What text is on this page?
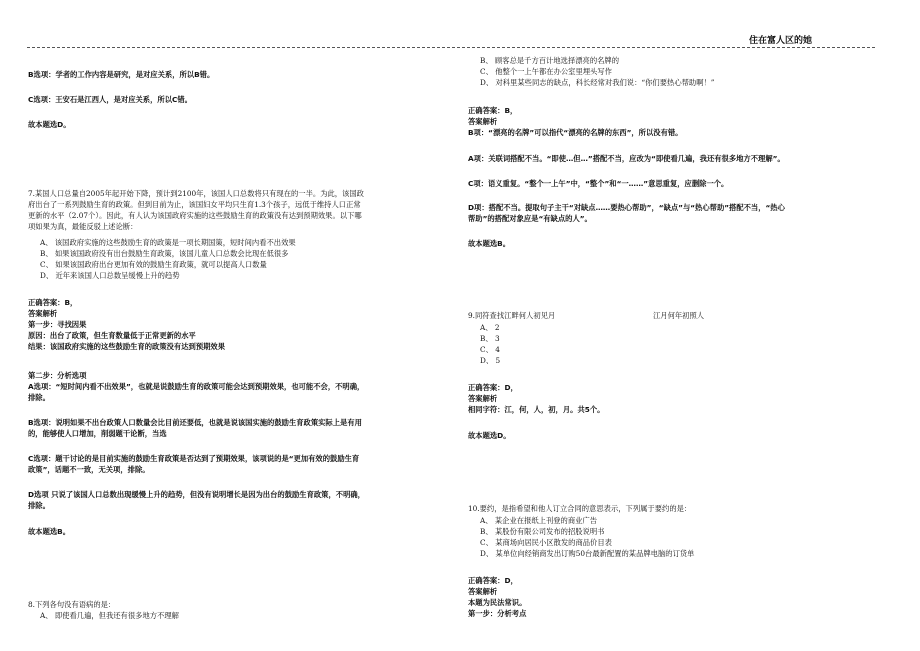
住在富人区的她
B选项：学者的工作内容是研究，是对应关系，所以B错。
C选项：王安石是江西人，是对应关系，所以C错。
故本题选D。
7.某国人口总量自2005年起开始下降，预计到2100年，该国人口总数将只有现在的一半。为此，该国政
府出台了一系列鼓励生育的政策。但到目前为止，该国妇女平均只生育1.3个孩子，远低于维持人口正常
更新的水平（2.07个）。因此，有人认为该国政府实施的这些鼓励生育的政策没有达到预期效果。以下哪
项如果为真，最能反驳上述论断：
A、 该国政府实施的这些鼓励生育的政策是一项长期国策，短时间内看不出效果
B、 如果该国政府没有出台鼓励生育政策，该国儿童人口总数会比现在低很多
C、 如果该国政府出台更加有效的鼓励生育政策，就可以提高人口数量
D、 近年来该国人口总数呈缓慢上升的趋势
正确答案：B，
答案解析
第一步：寻找因果
原因：出台了政策，但生育数量低于正常更新的水平
结果：该国政府实施的这些鼓励生育的政策没有达到预期效果
第二步：分析选项
A选项：“短时间内看不出效果”，也就是说鼓励生育的政策可能会达到预期效果，也可能不会，不明确，
排除。
B选项：说明如果不出台政策人口数量会比目前还要低，也就是说该国实施的鼓励生育政策实际上是有用
的，能够使人口增加，削弱题干论断，当选
C选项：题干讨论的是目前实施的鼓励生育政策是否达到了预期效果，该项说的是“更加有效的鼓励生育
政策”，话题不一致，无关项，排除。
D选项 只说了该国人口总数出现缓慢上升的趋势，但没有说明增长是因为出台的鼓励生育政策，不明确，
排除。
故本题选B。
8.下列各句没有语病的是：
A、 即使看几遍，但我还有很多地方不理解
B、 顾客总是千方百计地选择漂亮的名牌的
C、 他整个一上午都在办公室里埋头写作
D、 对科里某些同志的缺点，科长经常对我们说：“你们要热心帮助啊！”
正确答案：B，
答案解析
B项：“漂亮的名牌”可以指代“漂亮的名牌的东西”，所以没有错。
A项：关联词搭配不当。“即使…但…”搭配不当，应改为“即使看几遍，我还有很多地方不理解”。
C项：语义重复。“整个一上午”中，“整个”和“一……”意思重复，应删除一个。
D项：搭配不当。提取句子主干“对缺点……要热心帮助”，“缺点”与“热心帮助”搭配不当，“热心
帮助”的搭配对象应是“有缺点的人”。
故本题选B。
9.同符查找江畔何人初见月	江月何年初照人
A、 2
B、 3
C、 4
D、 5
正确答案：D，
答案解析
相同字符：江，何，人，初，月。共5个。
故本题选D。
10.要约，是指希望和他人订立合同的意思表示，下列属于要约的是：
A、 某企业在报纸上刊登的商业广告
B、 某股份有限公司发布的招股说明书
C、 某商场向居民小区散发的商品价目表
D、 某单位向经销商发出订购50台最新配置的某品牌电脑的订货单
正确答案：D，
答案解析
本题为民法常识。
第一步：分析考点
